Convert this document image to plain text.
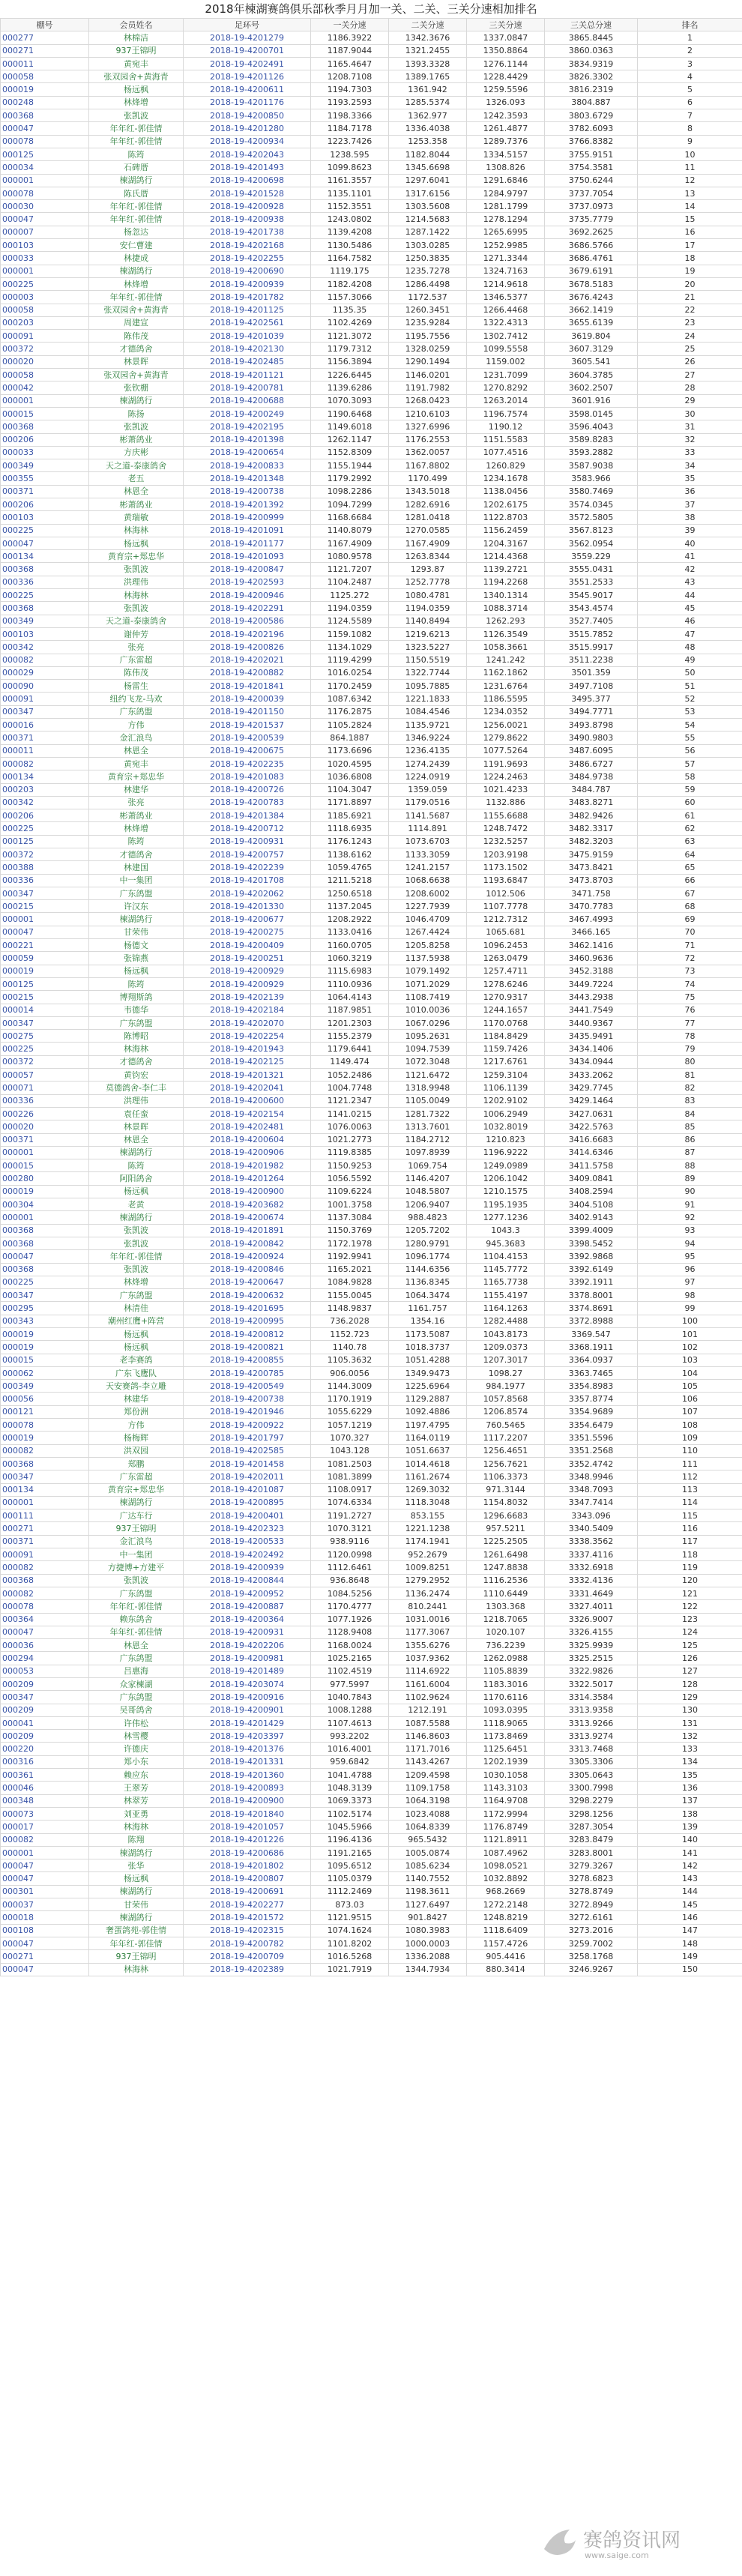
2018年楝湖赛鸽俱乐部秋季月月加一关、二关、三关分速相加排名
棚号	会员姓名	足环号	一关分速	二关分速	三关分速	三关总分速	排名
000277	林棉洁	2018-19-4201279	1186.3922	1342.3676	1337.0847	3865.8445	1
000271	937王锦明	2018-19-4200701	1187.9044	1321.2455	1350.8864	3860.0363	2
000011	黄宛丰	2018-19-4202491	1165.4647	1393.3328	1276.1144	3834.9319	3
000058	张双园舍+黄海青	2018-19-4201126	1208.7108	1389.1765	1228.4429	3826.3302	4
000019	杨远枫	2018-19-4200611	1194.7303	1361.942	1259.5596	3816.2319	5
000248	林烽增	2018-19-4201176	1193.2593	1285.5374	1326.093	3804.887	6
000368	张凯波	2018-19-4200850	1198.3366	1362.977	1242.3593	3803.6729	7
000047	年年红-郭佳情	2018-19-4201280	1184.7178	1336.4038	1261.4877	3782.6093	8
000078	年年红-郭佳情	2018-19-4200934	1223.7426	1253.358	1289.7376	3766.8382	9
000125	陈筠	2018-19-4202043	1238.595	1182.8044	1334.5157	3755.9151	10
000034	石碑厝	2018-19-4201493	1099.8623	1345.6698	1308.826	3754.3581	11
000001	楝湖鸽行	2018-19-4200698	1161.3557	1297.6041	1291.6846	3750.6244	12
000078	陈氏厝	2018-19-4201528	1135.1101	1317.6156	1284.9797	3737.7054	13
000030	年年红-郭佳情	2018-19-4200928	1152.3551	1303.5608	1281.1799	3737.0973	14
000047	年年红-郭佳情	2018-19-4200938	1243.0802	1214.5683	1278.1294	3735.7779	15
000007	杨忽达	2018-19-4201738	1139.4208	1287.1422	1265.6995	3692.2625	16
000103	安仁曹建	2018-19-4202168	1130.5486	1303.0285	1252.9985	3686.5766	17
000033	林捷成	2018-19-4202255	1164.7582	1250.3835	1271.3344	3686.4761	18
000001	楝湖鸽行	2018-19-4200690	1119.175	1235.7278	1324.7163	3679.6191	19
000225	林烽增	2018-19-4200939	1182.4208	1286.4498	1214.9618	3678.5183	20
000003	年年红-郭佳情	2018-19-4201782	1157.3066	1172.537	1346.5377	3676.4243	21
000058	张双园舍+黄海青	2018-19-4201125	1135.35	1260.3451	1266.4468	3662.1419	22
000203	周建宣	2018-19-4202561	1102.4269	1235.9284	1322.4313	3655.6139	23
000091	陈伟茂	2018-19-4201039	1121.3072	1195.7556	1302.7412	3619.804	24
000372	才德鸽舍	2018-19-4202130	1179.7312	1328.0259	1099.5558	3607.3129	25
000020	林景晖	2018-19-4202485	1156.3894	1290.1494	1159.002	3605.541	26
000058	张双园舍+黄海青	2018-19-4201121	1226.6445	1146.0201	1231.7099	3604.3785	27
000042	张钦棚	2018-19-4200781	1139.6286	1191.7982	1270.8292	3602.2507	28
000001	楝湖鸽行	2018-19-4200688	1070.3093	1268.0423	1263.2014	3601.916	29
000015	陈扬	2018-19-4200249	1190.6468	1210.6103	1196.7574	3598.0145	30
000368	张凯波	2018-19-4202195	1149.6018	1327.6996	1190.12	3596.4043	31
000206	彬萧鸽业	2018-19-4201398	1262.1147	1176.2553	1151.5583	3589.8283	32
000033	方庆彬	2018-19-4200654	1152.8309	1362.0057	1077.4516	3593.2882	33
000349	天之道-泰康鸽舍	2018-19-4200833	1155.1944	1167.8802	1260.829	3587.9038	34
000355	老五	2018-19-4201348	1179.2992	1170.499	1234.1678	3583.966	35
000371	林恩全	2018-19-4200738	1098.2286	1343.5018	1138.0456	3580.7469	36
000206	彬萧鸽业	2018-19-4201392	1094.7299	1282.6916	1202.6175	3574.0345	37
000103	黄瑞敏	2018-19-4200999	1168.6684	1281.0418	1122.8703	3572.5805	38
000225	林海林	2018-19-4201091	1140.8079	1270.0585	1156.2459	3567.8123	39
000047	杨远枫	2018-19-4201177	1167.4909	1167.4909	1204.3167	3562.0954	40
000134	黄育宗+郑忠华	2018-19-4201093	1080.9578	1263.8344	1214.4368	3559.229	41
000368	张凯波	2018-19-4200847	1121.7207	1293.87	1139.2721	3555.0431	42
000336	洪理伟	2018-19-4202593	1104.2487	1252.7778	1194.2268	3551.2533	43
000225	林海林	2018-19-4200946	1125.272	1080.4781	1340.1314	3545.9017	44
000368	张凯波	2018-19-4202291	1194.0359	1194.0359	1088.3714	3543.4574	45
000349	天之道-泰康鸽舍	2018-19-4200586	1124.5589	1140.8494	1262.293	3527.7405	46
000103	谢仲芳	2018-19-4202196	1159.1082	1219.6213	1126.3549	3515.7852	47
000342	张亮	2018-19-4200826	1134.1029	1323.5227	1058.3661	3515.9917	48
000082	广东雷超	2018-19-4202021	1119.4299	1150.5519	1241.242	3511.2238	49
000029	陈伟茂	2018-19-4200882	1016.0254	1322.7744	1162.1862	3501.359	50
000090	杨雷生	2018-19-4201841	1170.2459	1095.7885	1231.6764	3497.7108	51
000091	纽约飞龙-马欢	2018-19-4200039	1087.6342	1221.1833	1186.5595	3495.377	52
000347	广东鸽盟	2018-19-4201150	1176.2875	1084.4546	1234.0352	3494.7771	53
000016	方伟	2018-19-4201537	1105.2824	1135.9721	1256.0021	3493.8798	54
000371	金汇浪鸟	2018-19-4200539	864.1887	1346.9224	1279.8622	3490.9803	55
000011	林恩全	2018-19-4200675	1173.6696	1236.4135	1077.5264	3487.6095	56
000082	黄宛丰	2018-19-4202235	1020.4595	1274.2439	1191.9693	3486.6727	57
000134	黄育宗+郑忠华	2018-19-4201083	1036.6808	1224.0919	1224.2463	3484.9738	58
000203	林建华	2018-19-4200726	1104.3047	1359.059	1021.4233	3484.787	59
000342	张亮	2018-19-4200783	1171.8897	1179.0516	1132.886	3483.8271	60
000206	彬萧鸽业	2018-19-4201384	1185.6921	1141.5687	1155.6688	3482.9426	61
000225	林烽增	2018-19-4200712	1118.6935	1114.891	1248.7472	3482.3317	62
000125	陈筠	2018-19-4200931	1176.1243	1073.6703	1232.5257	3482.3203	63
000372	才德鸽舍	2018-19-4200757	1138.6162	1133.3059	1203.9198	3475.9159	64
000388	林建国	2018-19-4202239	1059.4765	1241.2157	1173.1502	3473.8421	65
000336	中一集团	2018-19-4201708	1211.5218	1068.6638	1193.6847	3473.8703	66
000347	广东鸽盟	2018-19-4202062	1250.6518	1208.6002	1012.506	3471.758	67
000215	许汉东	2018-19-4201330	1137.2045	1227.7939	1107.7778	3470.7783	68
000001	楝湖鸽行	2018-19-4200677	1208.2922	1046.4709	1212.7312	3467.4993	69
000047	甘荣伟	2018-19-4200275	1133.0416	1267.4424	1065.681	3466.165	70
000221	杨德文	2018-19-4200409	1160.0705	1205.8258	1096.2453	3462.1416	71
000059	张锦燕	2018-19-4200251	1060.3219	1137.5938	1263.0479	3460.9636	72
000019	杨远枫	2018-19-4200929	1115.6983	1079.1492	1257.4711	3452.3188	73
000125	陈筠	2018-19-4200929	1110.0936	1071.2029	1278.6246	3449.7224	74
000215	博翔斯鸽	2018-19-4202139	1064.4143	1108.7419	1270.9317	3443.2938	75
000014	韦德华	2018-19-4202184	1187.9851	1010.0036	1244.1657	3441.7549	76
000347	广东鸽盟	2018-19-4202070	1201.2303	1067.0296	1170.0768	3440.9367	77
000275	陈博昭	2018-19-4202254	1155.2379	1095.2631	1184.8429	3435.9491	78
000225	林海林	2018-19-4201943	1179.6441	1094.7539	1159.7426	3434.1406	79
000372	才德鸽舍	2018-19-4202125	1149.474	1072.3048	1217.6761	3434.0944	80
000057	黄钧宏	2018-19-4201321	1052.2486	1121.6472	1259.3104	3433.2062	81
000071	莫德鸽舍-李仁丰	2018-19-4202041	1004.7748	1318.9948	1106.1139	3429.7745	82
000336	洪理伟	2018-19-4200600	1121.2347	1105.0049	1202.9102	3429.1464	83
000226	袁任蛮	2018-19-4202154	1141.0215	1281.7322	1006.2949	3427.0631	84
000020	林景晖	2018-19-4202481	1076.0063	1313.7601	1032.8019	3422.5763	85
000371	林恩全	2018-19-4200604	1021.2773	1184.2712	1210.823	3416.6683	86
000001	楝湖鸽行	2018-19-4200906	1119.8385	1097.8939	1196.9222	3414.6346	87
000015	陈筠	2018-19-4201982	1150.9253	1069.754	1249.0989	3411.5758	88
000280	阿阳鸽舍	2018-19-4201264	1056.5592	1146.4207	1206.1042	3409.0841	89
000019	杨远枫	2018-19-4200900	1109.6224	1048.5807	1210.1575	3408.2594	90
000304	老黄	2018-19-4203682	1001.3758	1206.9407	1195.1935	3404.5108	91
000001	楝湖鸽行	2018-19-4200674	1137.3084	988.4823	1277.1236	3402.9143	92
000368	张凯波	2018-19-4201891	1150.3769	1205.7202	1043.3	3399.4009	93
000368	张凯波	2018-19-4200842	1172.1978	1280.9791	945.3683	3398.5452	94
000047	年年红-郭佳情	2018-19-4200924	1192.9941	1096.1774	1104.4153	3392.9868	95
000368	张凯波	2018-19-4200846	1165.2021	1144.6356	1145.7772	3392.6149	96
000225	林烽增	2018-19-4200647	1084.9828	1136.8345	1165.7738	3392.1911	97
000347	广东鸽盟	2018-19-4200632	1155.0045	1064.3474	1155.4197	3378.8001	98
000295	林清佳	2018-19-4201695	1148.9837	1161.757	1164.1263	3374.8691	99
000343	潮州红鹰+阵营	2018-19-4200995	736.2028	1354.16	1282.4488	3372.8988	100
000019	杨远枫	2018-19-4200812	1152.723	1173.5087	1043.8173	3369.547	101
000019	杨远枫	2018-19-4200821	1140.78	1018.3737	1209.0373	3368.1911	102
000015	老李赛鸽	2018-19-4200855	1105.3632	1051.4288	1207.3017	3364.0937	103
000062	广东飞鹰队	2018-19-4200785	906.0056	1349.9473	1098.27	3363.7465	104
000349	天安赛鸽-李立雕	2018-19-4200549	1144.3009	1225.6964	984.1977	3354.8983	105
000056	林建华	2018-19-4200738	1170.1919	1129.2887	1057.8568	3357.8774	106
000121	郑份洲	2018-19-4201946	1055.6229	1092.4886	1206.8574	3354.9689	107
000078	方伟	2018-19-4200922	1057.1219	1197.4795	760.5465	3354.6479	108
000019	杨梅辉	2018-19-4201797	1070.327	1164.0119	1117.2207	3351.5596	109
000082	洪双园	2018-19-4202585	1043.128	1051.6637	1256.4651	3351.2568	110
000368	郑鹏	2018-19-4201458	1081.2503	1014.4618	1256.7621	3352.4742	111
000347	广东雷超	2018-19-4202011	1081.3899	1161.2674	1106.3373	3348.9946	112
000134	黄育宗+郑忠华	2018-19-4201087	1108.0917	1269.3032	971.3144	3348.7093	113
000001	楝湖鸽行	2018-19-4200895	1074.6334	1118.3048	1154.8032	3347.7414	114
000111	广达车行	2018-19-4200401	1191.2727	853.155	1296.6683	3343.096	115
000271	937王锦明	2018-19-4202323	1070.3121	1221.1238	957.5211	3340.5409	116
000371	金汇浪鸟	2018-19-4200533	938.9116	1174.1941	1225.2505	3338.3562	117
000091	中一集团	2018-19-4202492	1120.0998	952.2679	1261.6498	3337.4116	118
000082	方捷博+方建平	2018-19-4200939	1112.6461	1009.8251	1247.8838	3332.6918	119
000368	张凯波	2018-19-4200844	936.8648	1279.2952	1116.2536	3332.4136	120
000082	广东鸽盟	2018-19-4200952	1084.5256	1136.2474	1110.6449	3331.4649	121
000078	年年红-郭佳情	2018-19-4200887	1170.4777	810.2441	1303.368	3327.4011	122
000364	赖东鸽舍	2018-19-4200364	1077.1926	1031.0016	1218.7065	3326.9007	123
000047	年年红-郭佳情	2018-19-4200931	1128.9408	1177.3067	1020.107	3326.4155	124
000036	林恩全	2018-19-4202206	1168.0024	1355.6276	736.2239	3325.9939	125
000294	广东鸽盟	2018-19-4200981	1025.2165	1037.9362	1262.0988	3325.2515	126
000053	吕惠海	2018-19-4201489	1102.4519	1114.6922	1105.8839	3322.9826	127
000209	众家楝湖	2018-19-4203074	977.5997	1161.6004	1183.3016	3322.5017	128
000347	广东鸽盟	2018-19-4200916	1040.7843	1102.9624	1170.6116	3314.3584	129
000209	吴哥鸽舍	2018-19-4200901	1008.1288	1212.191	1093.0395	3313.9358	130
000041	许伟松	2018-19-4201429	1107.4613	1087.5588	1118.9065	3313.9266	131
000209	林雪樱	2018-19-4203397	993.2202	1146.8603	1173.8469	3313.9274	132
000220	许德庆	2018-19-4201376	1016.4001	1171.7016	1125.6451	3313.7468	133
000316	郑小东	2018-19-4201331	959.6842	1143.4267	1202.1939	3305.3306	134
000361	赖应东	2018-19-4201360	1041.4788	1209.4598	1030.1058	3305.0643	135
000046	王翠芳	2018-19-4200893	1048.3139	1109.1758	1143.3103	3300.7998	136
000348	林翠芳	2018-19-4200900	1069.3373	1064.3198	1164.9708	3298.2279	137
000073	刘亚勇	2018-19-4201840	1102.5174	1023.4088	1172.9994	3298.1256	138
000017	林海林	2018-19-4201057	1045.5966	1064.8339	1176.8749	3287.3054	139
000082	陈翔	2018-19-4201226	1196.4136	965.5432	1121.8911	3283.8479	140
000001	楝湖鸽行	2018-19-4200686	1191.2165	1005.0874	1087.4962	3283.8001	141
000047	张华	2018-19-4201802	1095.6512	1085.6234	1098.0521	3279.3267	142
000047	杨远枫	2018-19-4200807	1105.0379	1140.7552	1032.8892	3278.6823	143
000301	楝湖鸽行	2018-19-4200691	1112.2469	1198.3611	968.2669	3278.8749	144
000037	甘荣伟	2018-19-4202277	873.03	1127.6497	1272.2148	3272.8949	145
000018	楝湖鸽行	2018-19-4201572	1121.9515	901.8427	1248.8219	3272.6161	146
000108	奢蛋鸽苑-郭佳情	2018-19-4202315	1074.1624	1080.3983	1118.6409	3273.2016	147
000047	年年红-郭佳情	2018-19-4200782	1101.8202	1000.0003	1157.4726	3259.7002	148
000271	937王锦明	2018-19-4200709	1016.5268	1336.2088	905.4416	3258.1768	149
000047	林海林	2018-19-4202389	1021.7919	1344.7934	880.3414	3246.9267	150
赛鸽资讯网
www.saige.com
